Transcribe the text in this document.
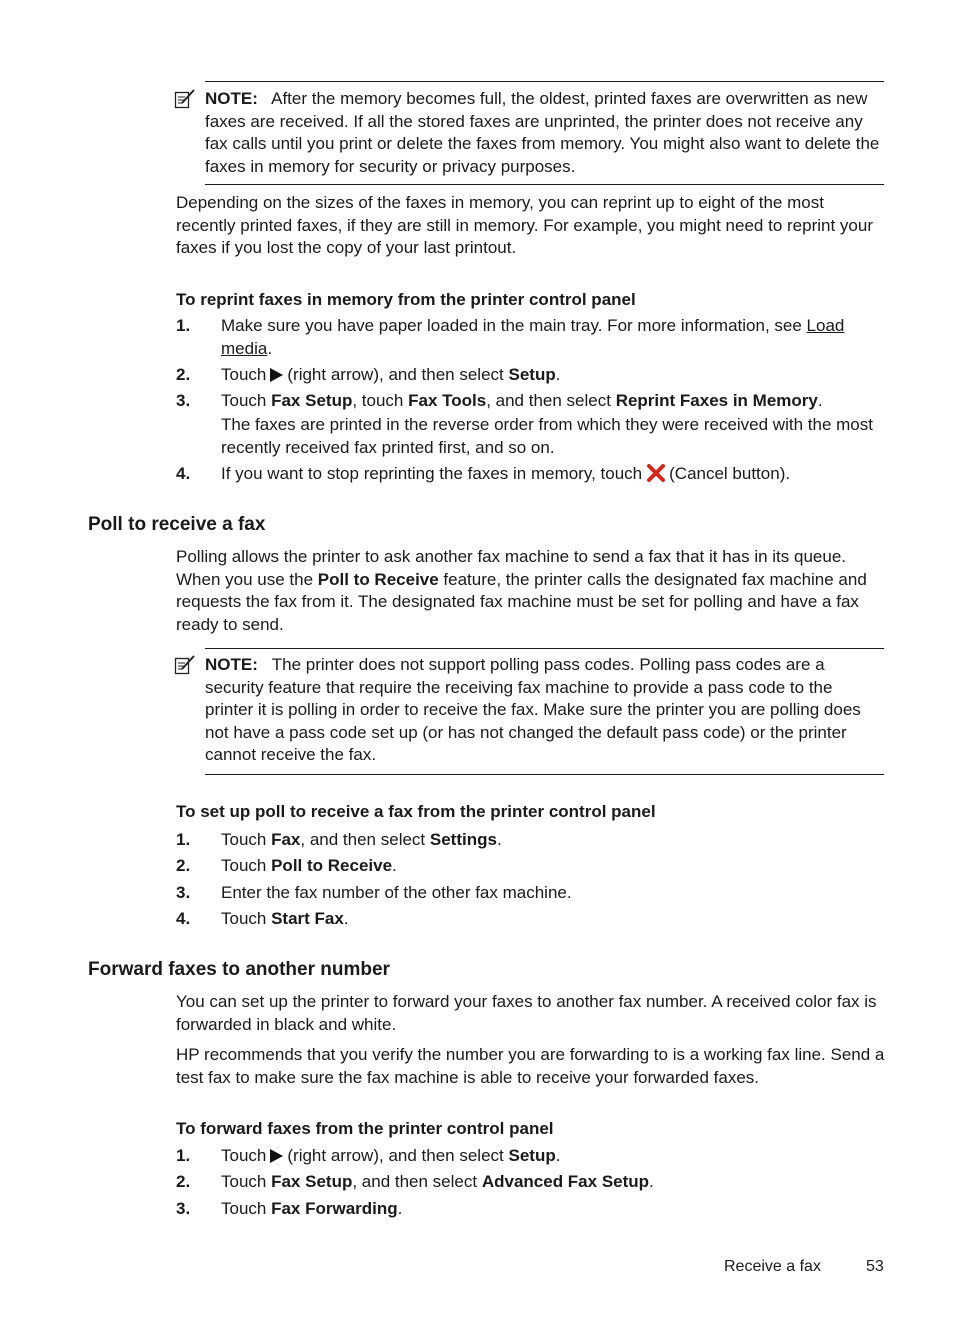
NOTE: After the memory becomes full, the oldest, printed faxes are overwritten as new faxes are received. If all the stored faxes are unprinted, the printer does not receive any fax calls until you print or delete the faxes from memory. You might also want to delete the faxes in memory for security or privacy purposes.

Depending on the sizes of the faxes in memory, you can reprint up to eight of the most recently printed faxes, if they are still in memory. For example, you might need to reprint your faxes if you lost the copy of your last printout.

To reprint faxes in memory from the printer control panel

1. Make sure you have paper loaded in the main tray. For more information, see Load media.

2. Touch (right arrow), and then select Setup.

3. Touch Fax Setup, touch Fax Tools, and then select Reprint Faxes in Memory.

The faxes are printed in the reverse order from which they were received with the most recently received fax printed first, and so on.

4. If you want to stop reprinting the faxes in memory, touch (Cancel button).

Poll to receive a fax

Polling allows the printer to ask another fax machine to send a fax that it has in its queue. When you use the Poll to Receive feature, the printer calls the designated fax machine and requests the fax from it. The designated fax machine must be set for polling and have a fax ready to send.

NOTE: The printer does not support polling pass codes. Polling pass codes are a security feature that require the receiving fax machine to provide a pass code to the printer it is polling in order to receive the fax. Make sure the printer you are polling does not have a pass code set up (or has not changed the default pass code) or the printer cannot receive the fax.

To set up poll to receive a fax from the printer control panel

1. Touch Fax, and then select Settings.

2. Touch Poll to Receive.

3. Enter the fax number of the other fax machine.

4. Touch Start Fax.

Forward faxes to another number

You can set up the printer to forward your faxes to another fax number. A received color fax is forwarded in black and white.

HP recommends that you verify the number you are forwarding to is a working fax line. Send a test fax to make sure the fax machine is able to receive your forwarded faxes.

To forward faxes from the printer control panel

1. Touch (right arrow), and then select Setup.

2. Touch Fax Setup, and then select Advanced Fax Setup.

3. Touch Fax Forwarding.

Receive a fax	53
